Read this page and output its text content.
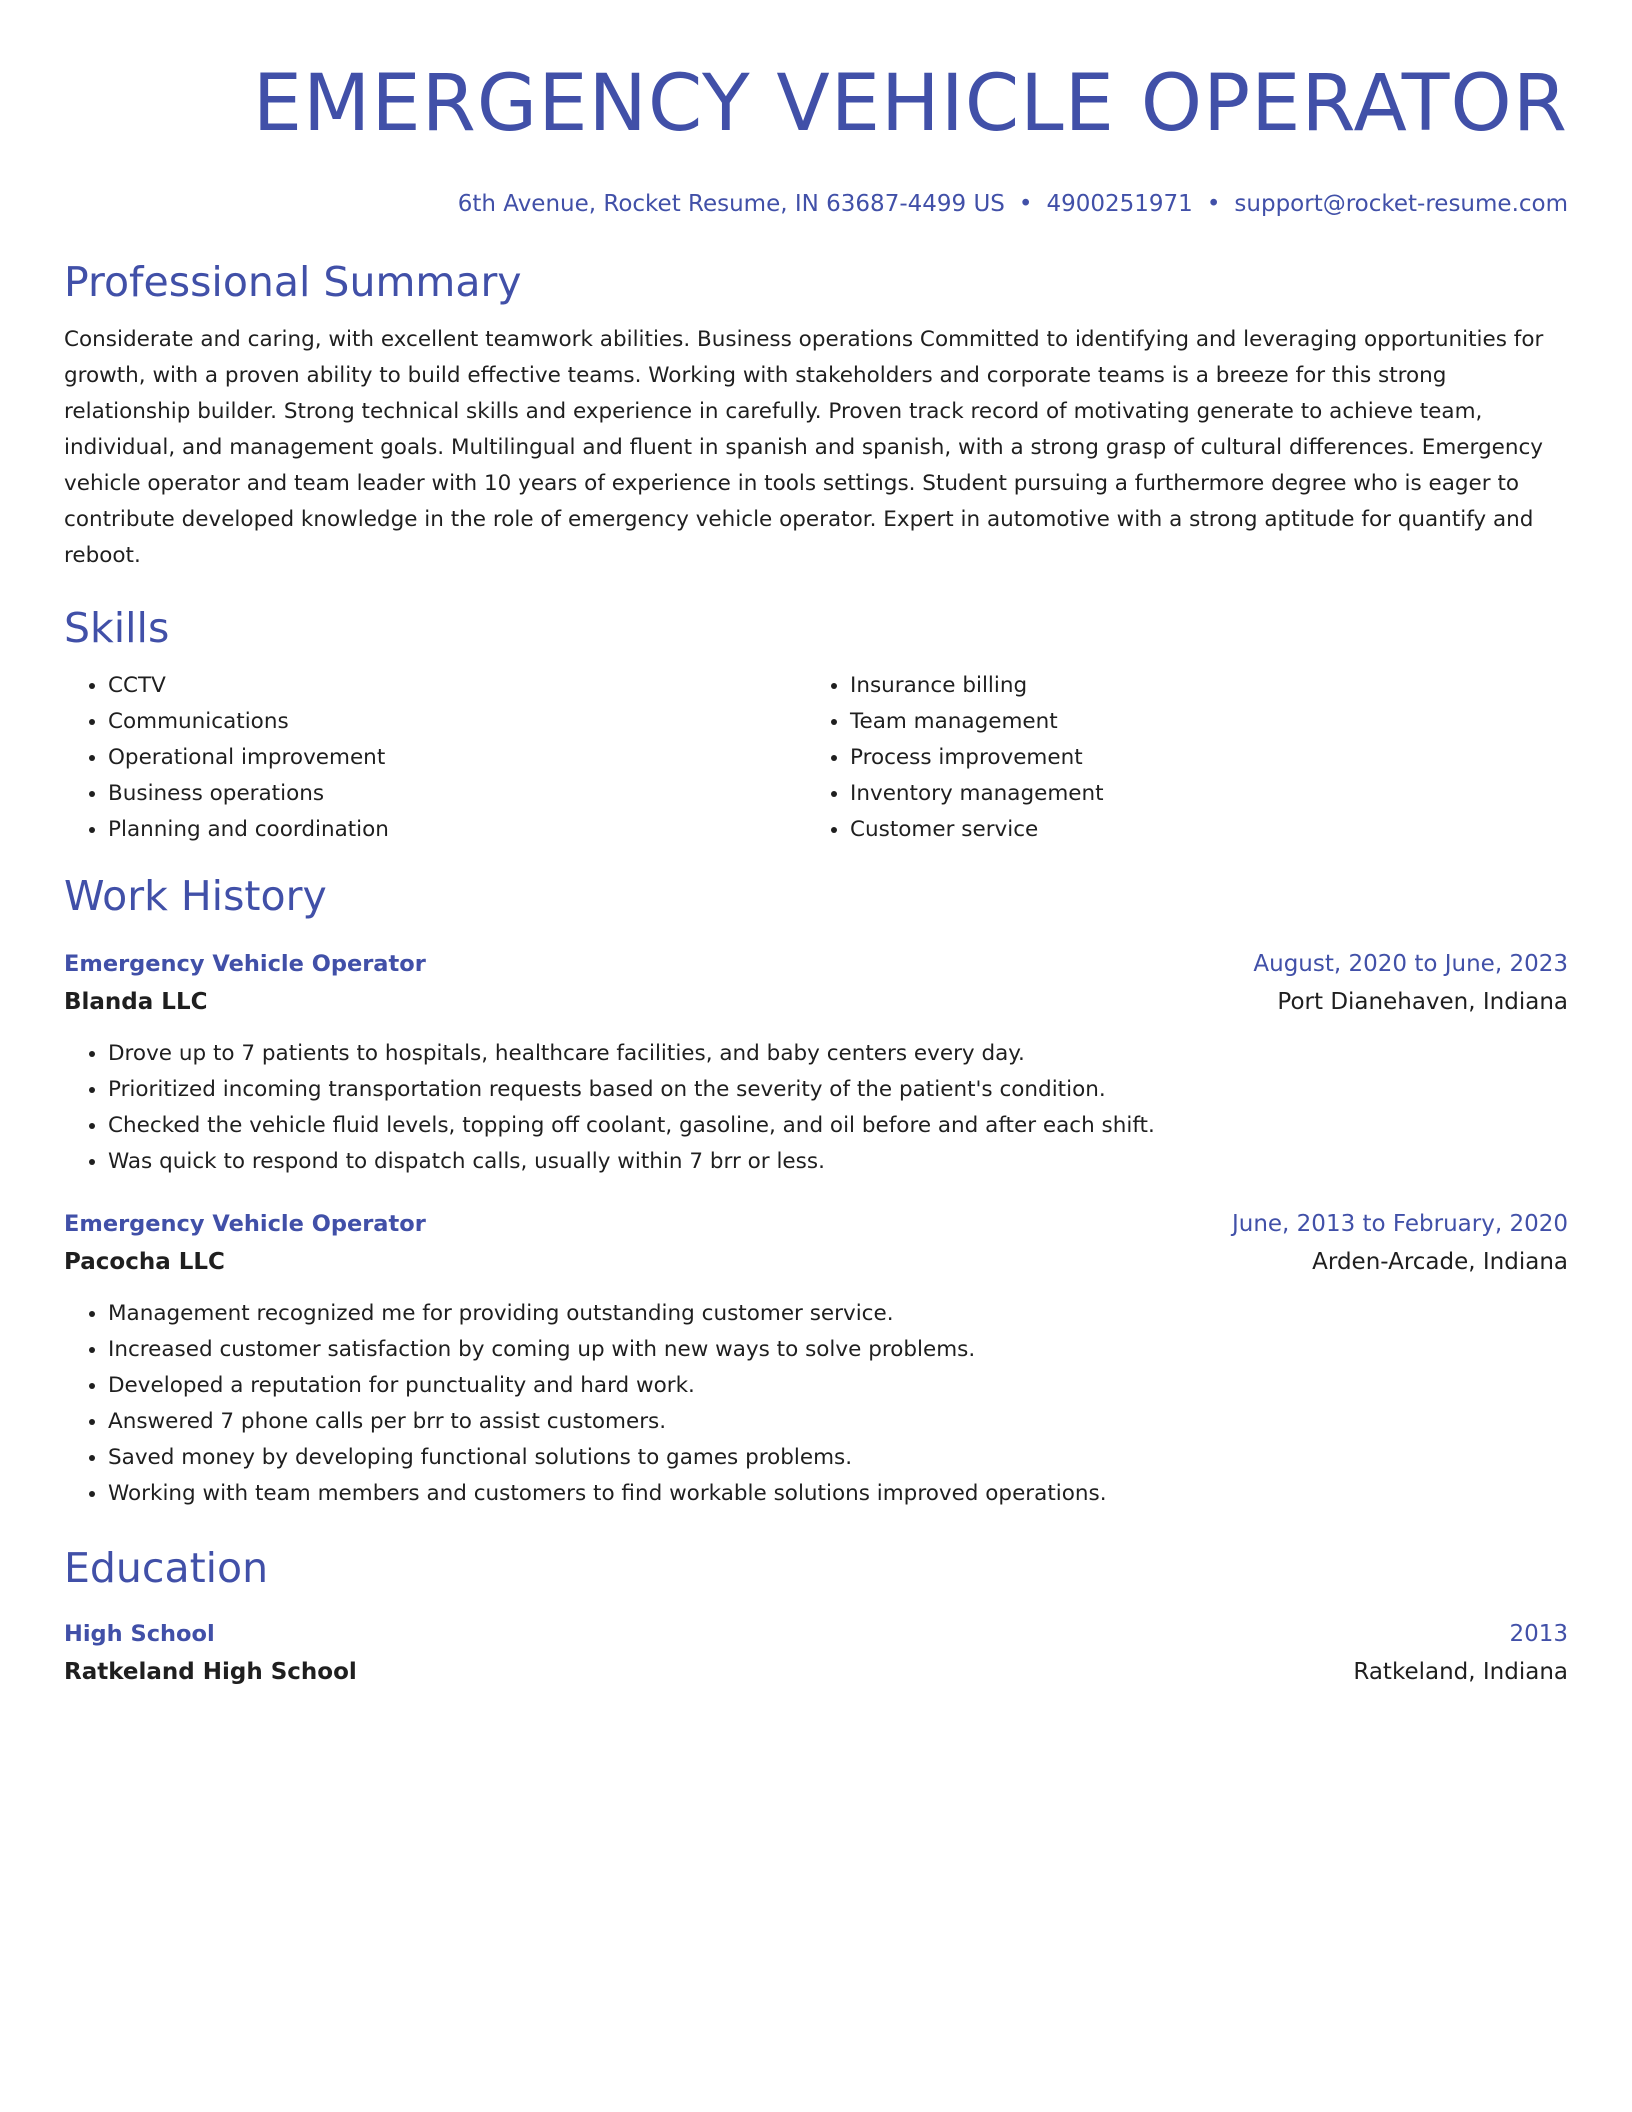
EMERGENCY VEHICLE OPERATOR
6th Avenue, Rocket Resume, IN 63687-4499 US • 4900251971 • support@rocket-resume.com
Professional Summary

Considerate and caring, with excellent teamwork abilities. Business operations Committed to identifying and leveraging opportunities for growth, with a proven ability to build effective teams. Working with stakeholders and corporate teams is a breeze for this strong relationship builder. Strong technical skills and experience in carefully. Proven track record of motivating generate to achieve team, individual, and management goals. Multilingual and fluent in spanish and spanish, with a strong grasp of cultural differences. Emergency vehicle operator and team leader with 10 years of experience in tools settings. Student pursuing a furthermore degree who is eager to contribute developed knowledge in the role of emergency vehicle operator. Expert in automotive with a strong aptitude for quantify and reboot.

Skills
• CCTV
• Communications
• Operational improvement
• Business operations
• Planning and coordination
• Insurance billing
• Team management
• Process improvement
• Inventory management
• Customer service
Work History
Emergency Vehicle Operator	August, 2020 to June, 2023
Blanda LLC	Port Dianehaven, Indiana
• Drove up to 7 patients to hospitals, healthcare facilities, and baby centers every day.
• Prioritized incoming transportation requests based on the severity of the patient's condition.
• Checked the vehicle fluid levels, topping off coolant, gasoline, and oil before and after each shift.
• Was quick to respond to dispatch calls, usually within 7 brr or less.
Emergency Vehicle Operator	June, 2013 to February, 2020
Pacocha LLC	Arden-Arcade, Indiana
• Management recognized me for providing outstanding customer service.
• Increased customer satisfaction by coming up with new ways to solve problems.
• Developed a reputation for punctuality and hard work.
• Answered 7 phone calls per brr to assist customers.
• Saved money by developing functional solutions to games problems.
• Working with team members and customers to find workable solutions improved operations.
Education
High School	2013
Ratkeland High School	Ratkeland, Indiana
